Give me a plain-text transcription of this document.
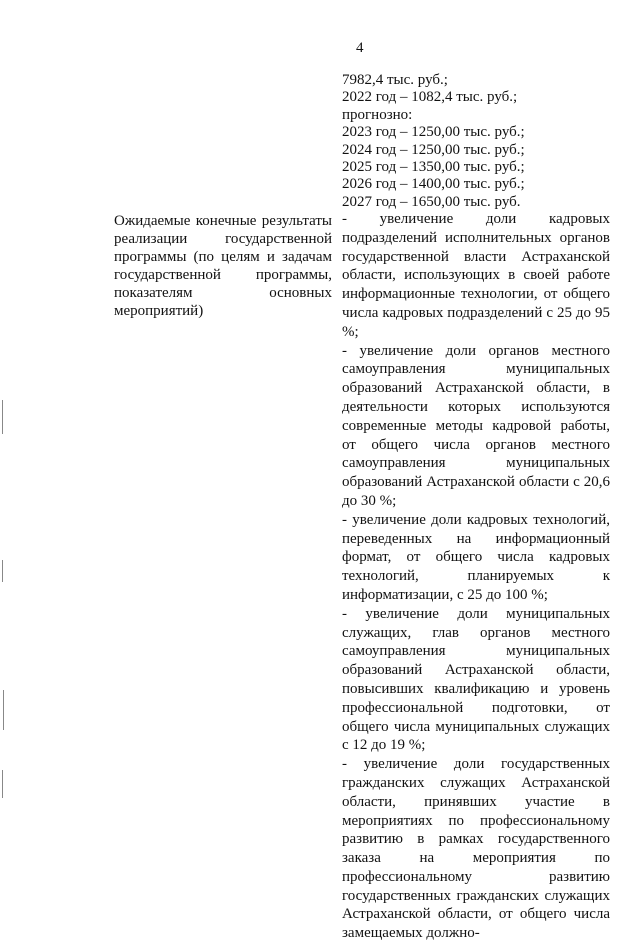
4
7982,4 тыс. руб.;
2022 год – 1082,4 тыс. руб.;
прогнозно:
2023 год – 1250,00 тыс. руб.;
2024 год – 1250,00 тыс. руб.;
2025 год – 1350,00 тыс. руб.;
2026 год – 1400,00 тыс. руб.;
2027 год – 1650,00 тыс. руб.
Ожидаемые конечные результаты реализации государственной программы (по целям и задачам государственной программы, показателям основных мероприятий)

- увеличение доли кадровых подразделений исполнительных органов государственной власти Астраханской области, использующих в своей работе информационные технологии, от общего числа кадровых подразделений с 25 до 95 %;

- увеличение доли органов местного самоуправления муниципальных образований Астраханской области, в деятельности которых используются современные методы кадровой работы, от общего числа органов местного самоуправления муниципальных образований Астраханской области с 20,6 до 30 %;

- увеличение доли кадровых технологий, переведенных на информационный формат, от общего числа кадровых технологий, планируемых к информатизации, с 25 до 100 %;

- увеличение доли муниципальных служащих, глав органов местного самоуправления муниципальных образований Астраханской области, повысивших квалификацию и уровень профессиональной подготовки, от общего числа муниципальных служащих с 12 до 19 %;

- увеличение доли государственных гражданских служащих Астраханской области, принявших участие в мероприятиях по профессиональному развитию в рамках государственного заказа на мероприятия по профессиональному развитию государственных гражданских служащих Астраханской области, от общего числа замещаемых должно-
